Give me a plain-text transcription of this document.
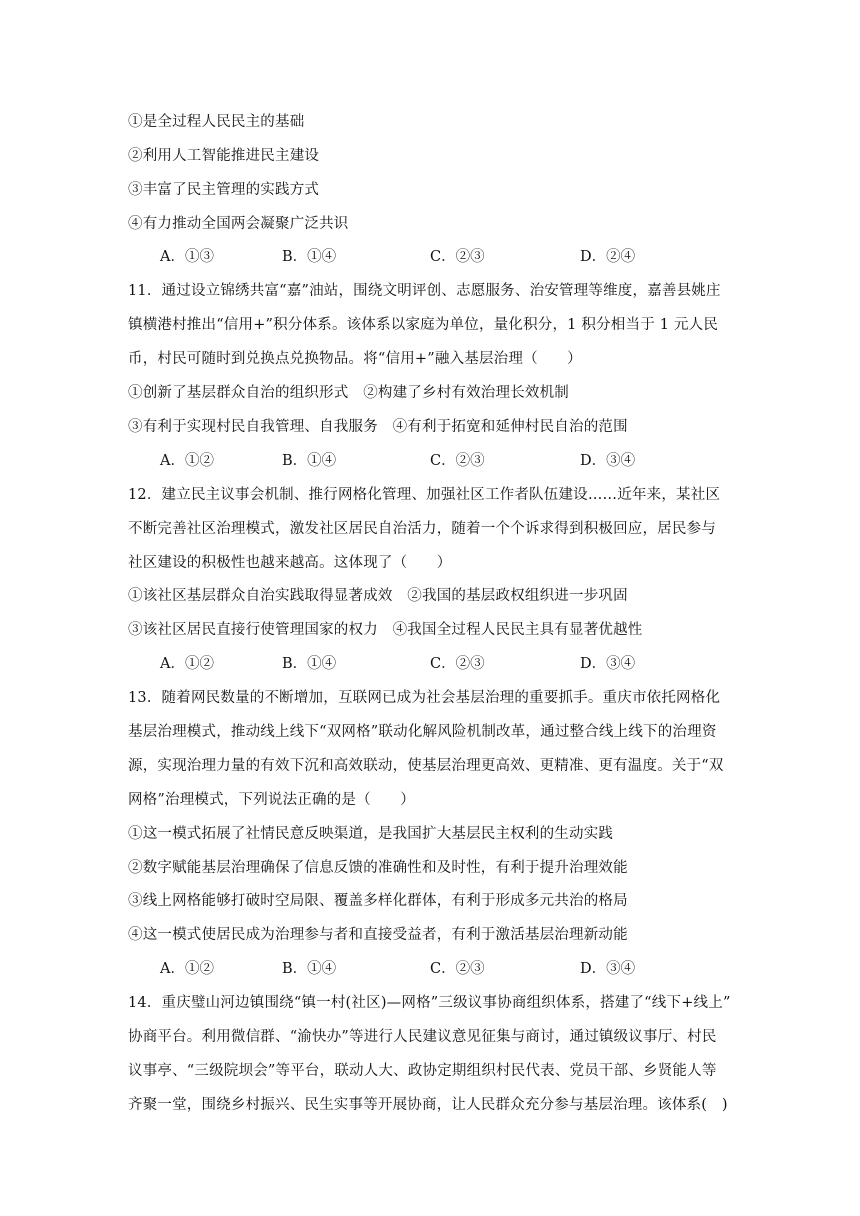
①是全过程人民民主的基础
②利用人工智能推进民主建设
③丰富了民主管理的实践方式
④有力推动全国两会凝聚广泛共识
A．①③	B．①④	C．②③	D．②④
11．通过设立锦绣共富“嘉”油站，围绕文明评创、志愿服务、治安管理等维度，嘉善县姚庄
镇横港村推出“信用+”积分体系。该体系以家庭为单位，量化积分，1 积分相当于 1 元人民
币，村民可随时到兑换点兑换物品。将“信用+”融入基层治理（　　）
①创新了基层群众自治的组织形式　②构建了乡村有效治理长效机制
③有利于实现村民自我管理、自我服务　④有利于拓宽和延伸村民自治的范围
A．①②	B．①④	C．②③	D．③④
12．建立民主议事会机制、推行网格化管理、加强社区工作者队伍建设……近年来，某社区
不断完善社区治理模式，激发社区居民自治活力，随着一个个诉求得到积极回应，居民参与
社区建设的积极性也越来越高。这体现了（　　）
①该社区基层群众自治实践取得显著成效　②我国的基层政权组织进一步巩固
③该社区居民直接行使管理国家的权力　④我国全过程人民民主具有显著优越性
A．①②	B．①④	C．②③	D．③④
13．随着网民数量的不断增加，互联网已成为社会基层治理的重要抓手。重庆市依托网格化
基层治理模式，推动线上线下“双网格”联动化解风险机制改革，通过整合线上线下的治理资
源，实现治理力量的有效下沉和高效联动，使基层治理更高效、更精准、更有温度。关于“双
网格”治理模式，下列说法正确的是（　　）
①这一模式拓展了社情民意反映渠道，是我国扩大基层民主权利的生动实践
②数字赋能基层治理确保了信息反馈的准确性和及时性，有利于提升治理效能
③线上网格能够打破时空局限、覆盖多样化群体，有利于形成多元共治的格局
④这一模式使居民成为治理参与者和直接受益者，有利于激活基层治理新动能
A．①②	B．①④	C．②③	D．③④
14．重庆璧山河边镇围绕“镇一村(社区)—网格”三级议事协商组织体系，搭建了“线下+线上”
协商平台。利用微信群、“渝快办”等进行人民建议意见征集与商讨，通过镇级议事厅、村民
议事亭、“三级院坝会”等平台，联动人大、政协定期组织村民代表、党员干部、乡贤能人等
齐聚一堂，围绕乡村振兴、民生实事等开展协商，让人民群众充分参与基层治理。该体系(　)
